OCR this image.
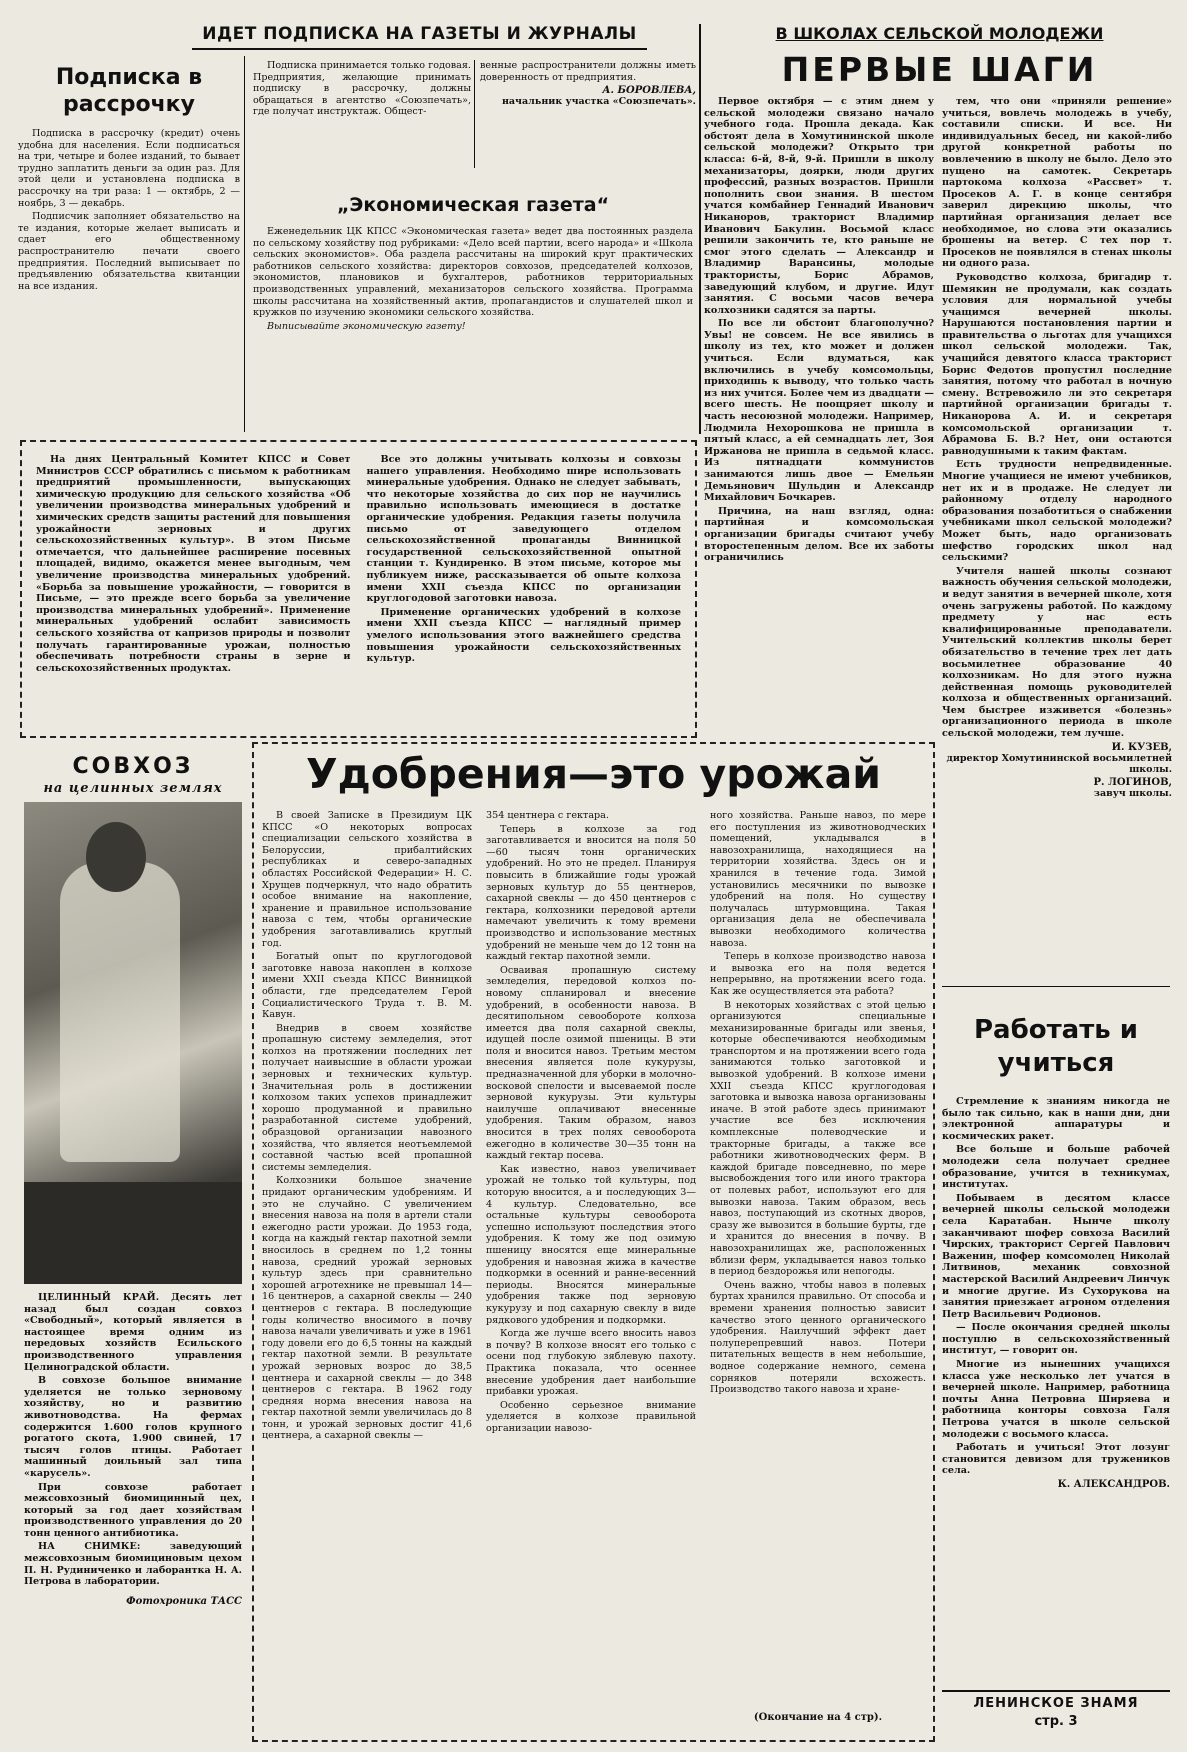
ИДЕТ ПОДПИСКА НА ГАЗЕТЫ И ЖУРНАЛЫ	В ШКОЛАХ СЕЛЬСКОЙ МОЛОДЕЖИ
Подписка в рассрочку

Подписка в рассрочку (кредит) очень удобна для населения. Если подписаться на три, четыре и более изданий, то бывает трудно заплатить деньги за один раз. Для этой цели и установлена подписка в рассрочку на три раза: 1 — октябрь, 2 — ноябрь, 3 — декабрь.

Подписчик заполняет обязательство на те издания, которые желает выписать и сдает его общественному распространителю печати своего предприятия. Последний выписывает по предъявлению обязательства квитанции на все издания.

Подписка принимается только годовая. Предприятия, желающие принимать подписку в рассрочку, должны обращаться в агентство «Союзпечать», где получат инструктаж. Общест-

венные распространители должны иметь доверенность от предприятия.

А. БОРОВЛЕВА,

начальник участка «Союзпечать».

„Экономическая газета“

Еженедельник ЦК КПСС «Экономическая газета» ведет два постоянных раздела по сельскому хозяйству под рубриками: «Дело всей партии, всего народа» и «Школа сельских экономистов». Оба раздела рассчитаны на широкий круг практических работников сельского хозяйства: директоров совхозов, председателей колхозов, экономистов, плановиков и бухгалтеров, работников территориальных производственных управлений, механизаторов сельского хозяйства. Программа школы рассчитана на хозяйственный актив, пропагандистов и слушателей школ и кружков по изучению экономики сельского хозяйства.

Выписывайте экономическую газету!

На днях Центральный Комитет КПСС и Совет Министров СССР обратились с письмом к работникам предприятий промышленности, выпускающих химическую продукцию для сельского хозяйства «Об увеличении производства минеральных удобрений и химических средств защиты растений для повышения урожайности зерновых и других сельскохозяйственных культур». В этом Письме отмечается, что дальнейшее расширение посевных площадей, видимо, окажется менее выгодным, чем увеличение производства минеральных удобрений. «Борьба за повышение урожайности, — говорится в Письме, — это прежде всего борьба за увеличение производства минеральных удобрений». Применение минеральных удобрений ослабит зависимость сельского хозяйства от капризов природы и позволит получать гарантированные урожаи, полностью обеспечивать потребности страны в зерне и сельскохозяйственных продуктах.

Все это должны учитывать колхозы и совхозы нашего управления. Необходимо шире использовать минеральные удобрения. Однако не следует забывать, что некоторые хозяйства до сих пор не научились правильно использовать имеющиеся в достатке органические удобрения. Редакция газеты получила письмо от заведующего отделом сельскохозяйственной пропаганды Винницкой государственной сельскохозяйственной опытной станции т. Кундиренко. В этом письме, которое мы публикуем ниже, рассказывается об опыте колхоза имени XXII съезда КПСС по организации круглогодовой заготовки навоза.

Применение органических удобрений в колхозе имени XXII съезда КПСС — наглядный пример умелого использования этого важнейшего средства повышения урожайности сельскохозяйственных культур.

ПЕРВЫЕ ШАГИ

Первое октября — с этим днем у сельской молодежи связано начало учебного года. Прошла декада. Как обстоят дела в Хомутининской школе сельской молодежи? Открыто три класса: 6-й, 8-й, 9-й. Пришли в школу механизаторы, доярки, люди других профессий, разных возрастов. Пришли пополнить свои знания. В шестом учатся комбайнер Геннадий Иванович Никаноров, тракторист Владимир Иванович Бакулин. Восьмой класс решили закончить те, кто раньше не смог этого сделать — Александр и Владимир Варансины, молодые трактористы, Борис Абрамов, заведующий клубом, и другие. Идут занятия. С восьми часов вечера колхозники садятся за парты.

По все ли обстоит благополучно? Увы! не совсем. Не все явились в школу из тех, кто может и должен учиться. Если вдуматься, как включились в учебу комсомольцы, приходишь к выводу, что только часть из них учится. Более чем из двадцати — всего шесть. Не поощряет школу и часть несоюзной молодежи. Например, Людмила Нехорошкова не пришла в пятый класс, а ей семнадцать лет, Зоя Иржанова не пришла в седьмой класс. Из пятнадцати коммунистов занимаются лишь двое — Емельян Демьянович Шульдин и Александр Михайлович Бочкарев.

Причина, на наш взгляд, одна: партийная и комсомольская организации бригады считают учебу второстепенным делом. Все их заботы ограничились

тем, что они «приняли решение» учиться, вовлечь молодежь в учебу, составили списки. И все. Ни индивидуальных бесед, ни какой-либо другой конкретной работы по вовлечению в школу не было. Дело это пущено на самотек. Секретарь партокома колхоза «Рассвет» т. Просеков А. Г. в конце сентября заверил дирекцию школы, что партийная организация делает все необходимое, но слова эти оказались брошены на ветер. С тех пор т. Просеков не появлялся в стенах школы ни одного раза.

Руководство колхоза, бригадир т. Шемякин не продумали, как создать условия для нормальной учебы учащимся вечерней школы. Нарушаются постановления партии и правительства о льготах для учащихся школ сельской молодежи. Так, учащийся девятого класса тракторист Борис Федотов пропустил последние занятия, потому что работал в ночную смену. Встревожило ли это секретаря партийной организации бригады т. Никанорова А. И. и секретаря комсомольской организации т. Абрамова Б. В.? Нет, они остаются равнодушными к таким фактам.

Есть трудности непредвиденные. Многие учащиеся не имеют учебников, нет их и в продаже. Не следует ли районному отделу народного образования позаботиться о снабжении учебниками школ сельской молодежи? Может быть, надо организовать шефство городских школ над сельскими?

Учителя нашей школы сознают важность обучения сельской молодежи, и ведут занятия в вечерней школе, хотя очень загружены работой. По каждому предмету у нас есть квалифицированные преподаватели. Учительский коллектив школы берет обязательство в течение трех лет дать восьмилетнее образование 40 колхозникам. Но для этого нужна действенная помощь руководителей колхоза и общественных организаций. Чем быстрее изживется «болезнь» организационного периода в школе сельской молодежи, тем лучше.

И. КУЗЕВ,

директор Хомутининской восьмилетней школы.

Р. ЛОГИНОВ,

завуч школы.

СОВХОЗ
на целинных землях

ЦЕЛИННЫЙ КРАЙ. Десять лет назад был создан совхоз «Свободный», который является в настоящее время одним из передовых хозяйств Есильского производственного управления Целиноградской области.

В совхозе большое внимание уделяется не только зерновому хозяйству, но и развитию животноводства. На фермах содержится 1.600 голов крупного рогатого скота, 1.900 свиней, 17 тысяч голов птицы. Работает машинный доильный зал типа «карусель».

При совхозе работает межсовхозный биомицинный цех, который за год дает хозяйствам производственного управления до 20 тонн ценного антибиотика.

НА СНИМКЕ: заведующий межсовхозным биомициновым цехом П. Н. Рудиниченко и лаборантка Н. А. Петрова в лаборатории.

Фотохроника ТАСС
Удобрения—это урожай

В своей Записке в Президиум ЦК КПСС «О некоторых вопросах специализации сельского хозяйства в Белоруссии, прибалтийских республиках и северо-западных областях Российской Федерации» Н. С. Хрущев подчеркнул, что надо обратить особое внимание на накопление, хранение и правильное использование навоза с тем, чтобы органические удобрения заготавливались круглый год.

Богатый опыт по круглогодовой заготовке навоза накоплен в колхозе имени XXII съезда КПСС Винницкой области, где председателем Герой Социалистического Труда т. В. М. Кавун.

Внедрив в своем хозяйстве пропашную систему земледелия, этот колхоз на протяжении последних лет получает наивысшие в области урожаи зерновых и технических культур. Значительная роль в достижении колхозом таких успехов принадлежит хорошо продуманной и правильно разработанной системе удобрений, образцовой организации навозного хозяйства, что является неотъемлемой составной частью всей пропашной системы земледелия.

Колхозники большое значение придают органическим удобрениям. И это не случайно. С увеличением внесения навоза на поля в артели стали ежегодно расти урожаи. До 1953 года, когда на каждый гектар пахотной земли вносилось в среднем по 1,2 тонны навоза, средний урожай зерновых культур здесь при сравнительно хорошей агротехнике не превышал 14—16 центнеров, а сахарной свеклы — 240 центнеров с гектара. В последующие годы количество вносимого в почву навоза начали увеличивать и уже в 1961 году довели его до 6,5 тонны на каждый гектар пахотной земли. В результате урожай зерновых возрос до 38,5 центнера и сахарной свеклы — до 348 центнеров с гектара. В 1962 году средняя норма внесения навоза на гектар пахотной земли увеличилась до 8 тонн, и урожай зерновых достиг 41,6 центнера, а сахарной свеклы —

354 центнера с гектара.

Теперь в колхозе за год заготавливается и вносится на поля 50—60 тысяч тонн органических удобрений. Но это не предел. Планируя повысить в ближайшие годы урожай зерновых культур до 55 центнеров, сахарной свеклы — до 450 центнеров с гектара, колхозники передовой артели намечают увеличить к тому времени производство и использование местных удобрений не меньше чем до 12 тонн на каждый гектар пахотной земли.

Осваивая пропашную систему земледелия, передовой колхоз по-новому спланировал и внесение удобрений, в особенности навоза. В десятипольном севообороте колхоза имеется два поля сахарной свеклы, идущей после озимой пшеницы. В эти поля и вносится навоз. Третьим местом внесения является поле кукурузы, предназначенной для уборки в молочно-восковой спелости и высеваемой после зерновой кукурузы. Эти культуры наилучше оплачивают внесенные удобрения. Таким образом, навоз вносится в трех полях севооборота ежегодно в количестве 30—35 тонн на каждый гектар посева.

Как известно, навоз увеличивает урожай не только той культуры, под которую вносится, а и последующих 3—4 культур. Следовательно, все остальные культуры севооборота успешно используют последствия этого удобрения. К тому же под озимую пшеницу вносятся еще минеральные удобрения и навозная жижа в качестве подкормки в осенний и ранне-весенний периоды. Вносятся минеральные удобрения также под зерновую кукурузу и под сахарную свеклу в виде рядкового удобрения и подкормки.

Когда же лучше всего вносить навоз в почву? В колхозе вносят его только с осени под глубокую зяблевую пахоту. Практика показала, что осеннее внесение удобрения дает наибольшие прибавки урожая.

Особенно серьезное внимание уделяется в колхозе правильной организации навозо-

ного хозяйства. Раньше навоз, по мере его поступления из животноводческих помещений, укладывался в навозохранилища, находящиеся на территории хозяйства. Здесь он и хранился в течение года. Зимой установились месячники по вывозке удобрений на поля. Но существу получалась штурмовщина. Такая организация дела не обеспечивала вывозки необходимого количества навоза.

Теперь в колхозе производство навоза и вывозка его на поля ведется непрерывно, на протяжении всего года. Как же осуществляется эта работа?

В некоторых хозяйствах с этой целью организуются специальные механизированные бригады или звенья, которые обеспечиваются необходимым транспортом и на протяжении всего года занимаются только заготовкой и вывозкой удобрений. В колхозе имени XXII съезда КПСС круглогодовая заготовка и вывозка навоза организованы иначе. В этой работе здесь принимают участие все без исключения комплексные полеводческие и тракторные бригады, а также все работники животноводческих ферм. В каждой бригаде повседневно, по мере высвобождения того или иного трактора от полевых работ, используют его для вывозки навоза. Таким образом, весь навоз, поступающий из скотных дворов, сразу же вывозится в большие бурты, где и хранится до внесения в почву. В навозохранилищах же, расположенных вблизи ферм, укладывается навоз только в период бездорожья или непогоды.

Очень важно, чтобы навоз в полевых буртах хранился правильно. От способа и времени хранения полностью зависит качество этого ценного органического удобрения. Наилучший эффект дает полуперепревший навоз. Потери питательных веществ в нем небольшие, водное содержание немного, семена сорняков потеряли всхожесть. Производство такого навоза и хране-

(Окончание на 4 стр).
Работать и учиться

Стремление к знаниям никогда не было так сильно, как в наши дни, дни электронной аппаратуры и космических ракет.

Все больше и больше рабочей молодежи села получает среднее образование, учится в техникумах, институтах.

Побываем в десятом классе вечерней школы сельской молодежи села Каратабан. Нынче школу заканчивают шофер совхоза Василий Чирских, тракторист Сергей Павлович Важенин, шофер комсомолец Николай Литвинов, механик совхозной мастерской Василий Андреевич Линчук и многие другие. Из Сухорукова на занятия приезжает агроном отделения Петр Васильевич Родионов.

— После окончания средней школы поступлю в сельскохозяйственный институт, — говорит он.

Многие из нынешних учащихся класса уже несколько лет учатся в вечерней школе. Например, работница почты Анна Петровна Ширяева и работница конторы совхоза Галя Петрова учатся в школе сельской молодежи с восьмого класса.

Работать и учиться! Этот лозунг становится девизом для тружеников села.

К. АЛЕКСАНДРОВ.

ЛЕНИНСКОЕ ЗНАМЯ
стр. 3
